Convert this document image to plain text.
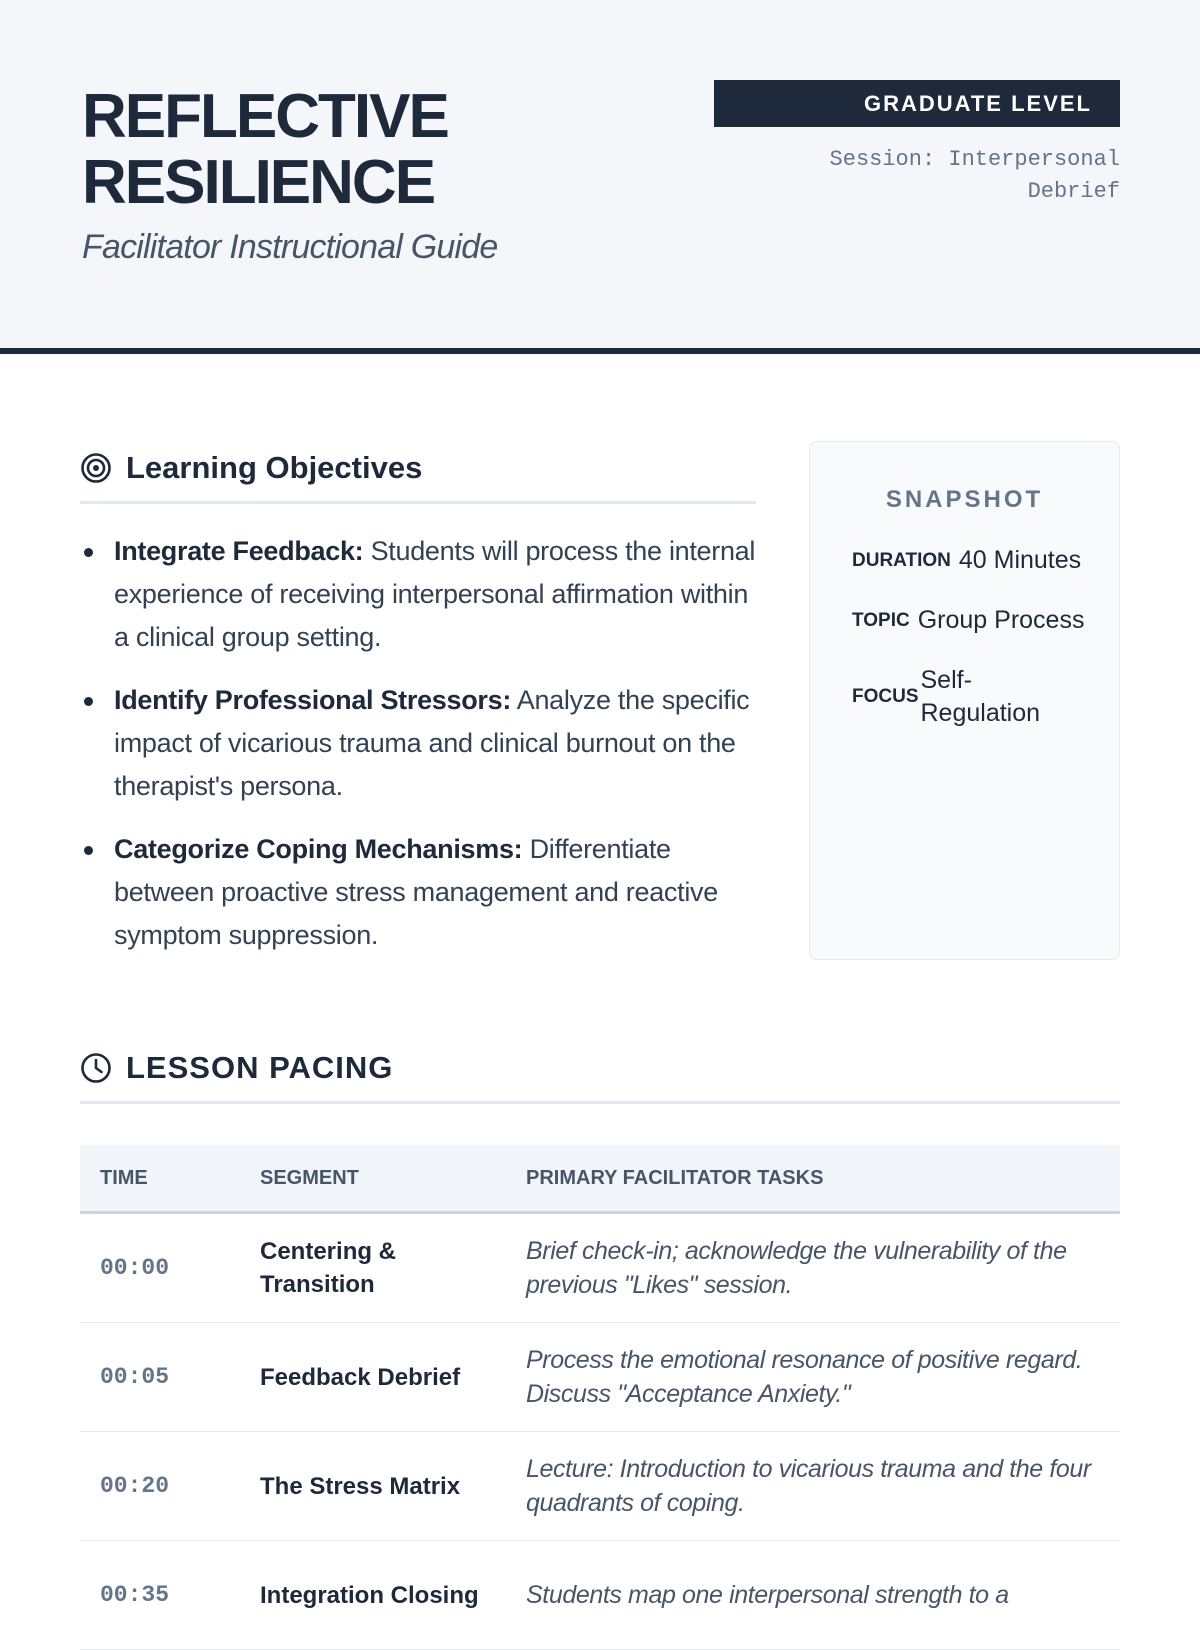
REFLECTIVE
RESILIENCE
Facilitator Instructional Guide
GRADUATE LEVEL
Session: Interpersonal
Debrief
Learning Objectives
Integrate Feedback: Students will process the internal experience of receiving interpersonal affirmation within a clinical group setting.
Identify Professional Stressors: Analyze the specific impact of vicarious trauma and clinical burnout on the therapist's persona.
Categorize Coping Mechanisms: Differentiate between proactive stress management and reactive symptom suppression.
SNAPSHOT
DURATION 40 Minutes
TOPIC Group Process
FOCUS
Self-Regulation
LESSON PACING
TIME	SEGMENT	PRIMARY FACILITATOR TASKS
00:00	Centering & Transition	Brief check-in; acknowledge the vulnerability of the previous "Likes" session.
00:05	Feedback Debrief	Process the emotional resonance of positive regard. Discuss "Acceptance Anxiety."
00:20	The Stress Matrix	Lecture: Introduction to vicarious trauma and the four quadrants of coping.
00:35	Integration Closing	Students map one interpersonal strength to a
